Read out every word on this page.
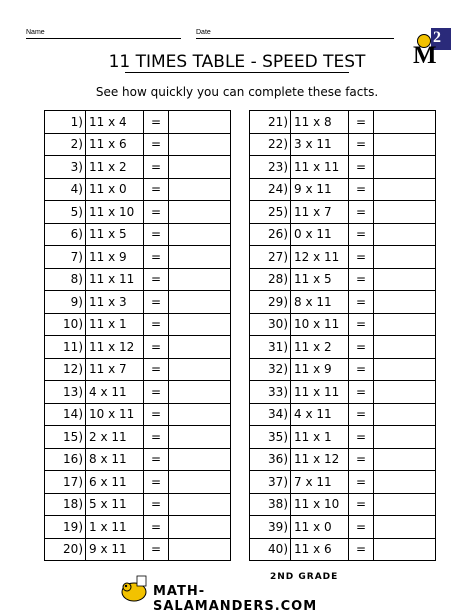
Name	Date	2
M
11 TIMES TABLE - SPEED TEST
See how quickly you can complete these facts.
1)	11 x 4	=	
2)	11 x 6	=	
3)	11 x 2	=	
4)	11 x 0	=	
5)	11 x 10	=	
6)	11 x 5	=	
7)	11 x 9	=	
8)	11 x 11	=	
9)	11 x 3	=	
10)	11 x 1	=	
11)	11 x 12	=	
12)	11 x 7	=	
13)	4 x 11	=	
14)	10 x 11	=	
15)	2 x 11	=	
16)	8 x 11	=	
17)	6 x 11	=	
18)	5 x 11	=	
19)	1 x 11	=	
20)	9 x 11	=	
21)	11 x 8	=	
22)	3 x 11	=	
23)	11 x 11	=	
24)	9 x 11	=	
25)	11 x 7	=	
26)	0 x 11	=	
27)	12 x 11	=	
28)	11 x 5	=	
29)	8 x 11	=	
30)	10 x 11	=	
31)	11 x 2	=	
32)	11 x 9	=	
33)	11 x 11	=	
34)	4 x 11	=	
35)	11 x 1	=	
36)	11 x 12	=	
37)	7 x 11	=	
38)	11 x 10	=	
39)	11 x 0	=	
40)	11 x 6	=	
2ND GRADE
MATH-SALAMANDERS.COM
